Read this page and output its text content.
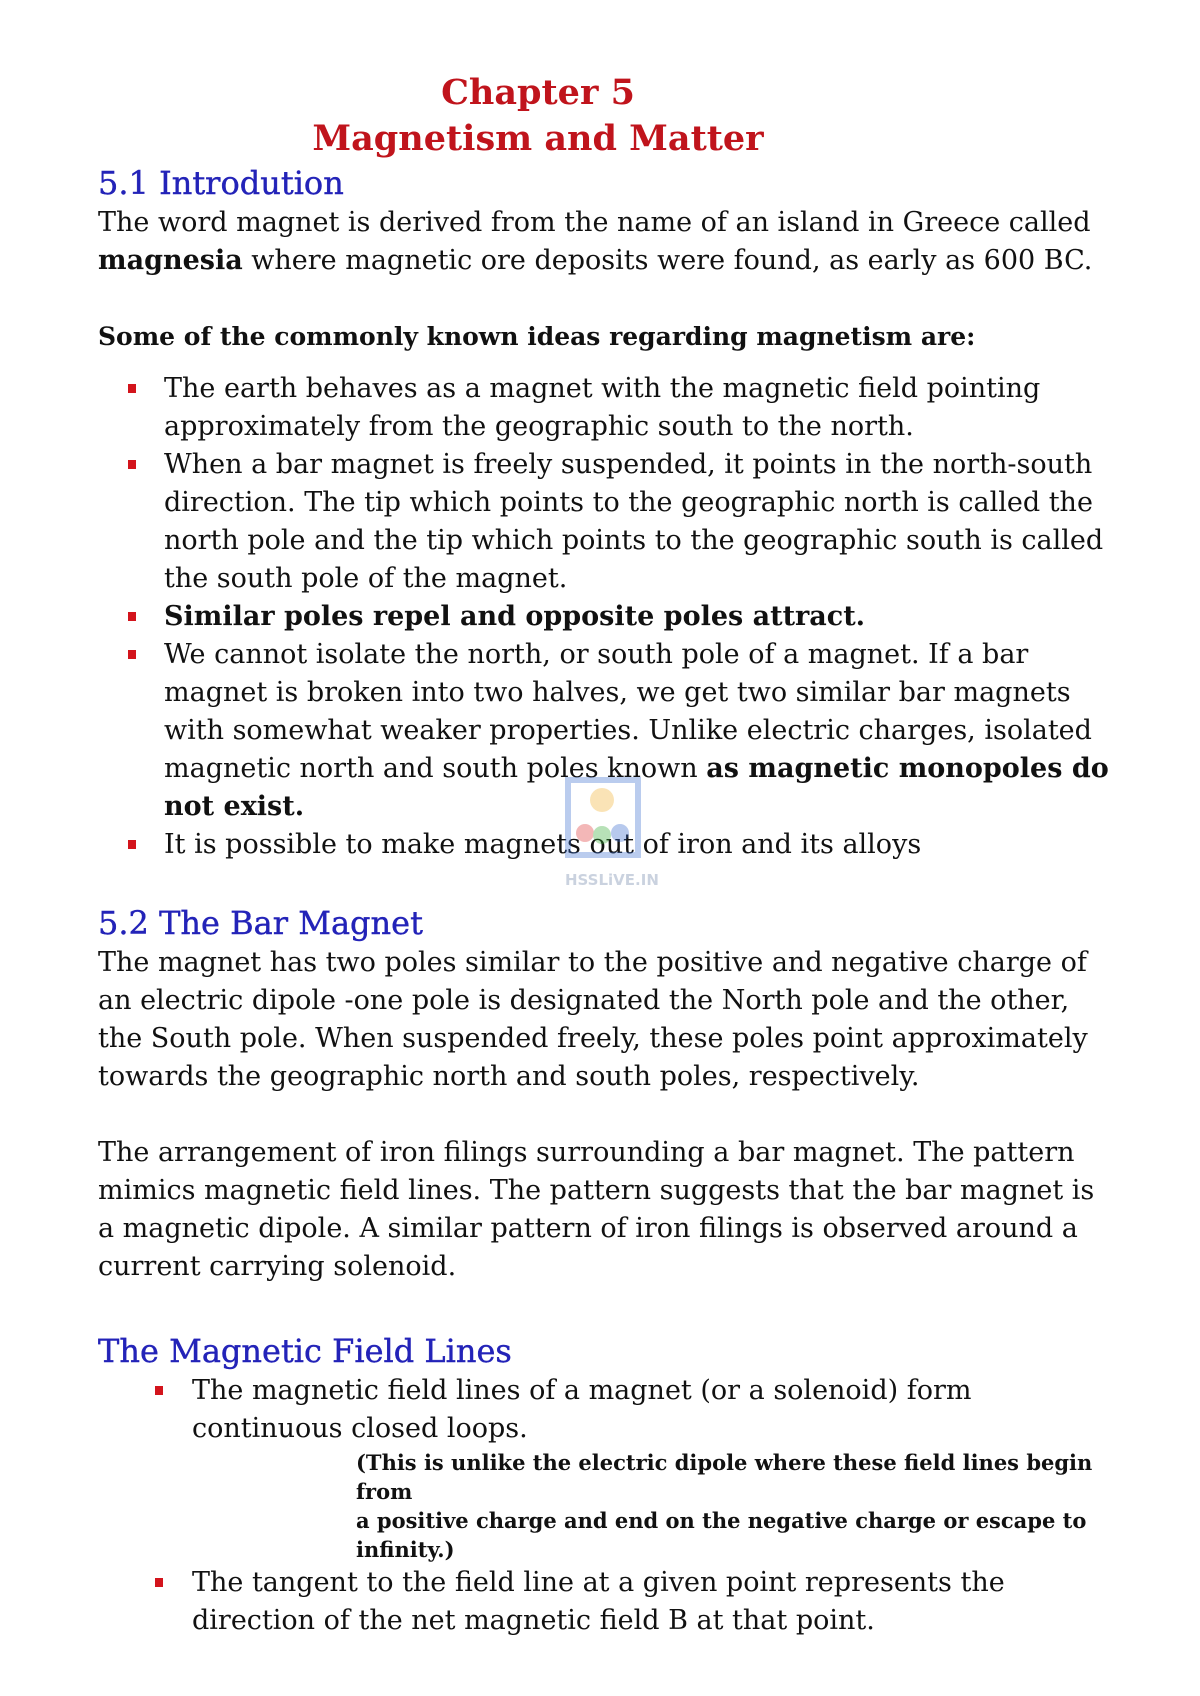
Chapter 5
Magnetism and Matter
5.1 Introdution

The word magnet is derived from the name of an island in Greece called
magnesia where magnetic ore deposits were found, as early as 600 BC.

Some of the commonly known ideas regarding magnetism are:
The earth behaves as a magnet with the magnetic field pointing approximately from the geographic south to the north.
When a bar magnet is freely suspended, it points in the north-south direction. The tip which points to the geographic north is called the north pole and the tip which points to the geographic south is called the south pole of the magnet.
Similar poles repel and opposite poles attract.
We cannot isolate the north, or south pole of a magnet. If a bar magnet is broken into two halves, we get two similar bar magnets with somewhat weaker properties. Unlike electric charges, isolated magnetic north and south poles known as magnetic monopoles do not exist.
It is possible to make magnets out of iron and its alloys
5.2 The Bar Magnet

The magnet has two poles similar to the positive and negative charge of an electric dipole -one pole is designated the North pole and the other, the South pole. When suspended freely, these poles point approximately towards the geographic north and south poles, respectively.

The arrangement of iron filings surrounding a bar magnet. The pattern mimics magnetic field lines. The pattern suggests that the bar magnet is a magnetic dipole. A similar pattern of iron filings is observed around a current carrying solenoid.

The Magnetic Field Lines
The magnetic field lines of a magnet (or a solenoid) form continuous closed loops.
(This is unlike the electric dipole where these field lines begin from
a positive charge and end on the negative charge or escape to infinity.)
The tangent to the field line at a given point represents the direction of the net magnetic field B at that point.
HSSLiVE.IN
